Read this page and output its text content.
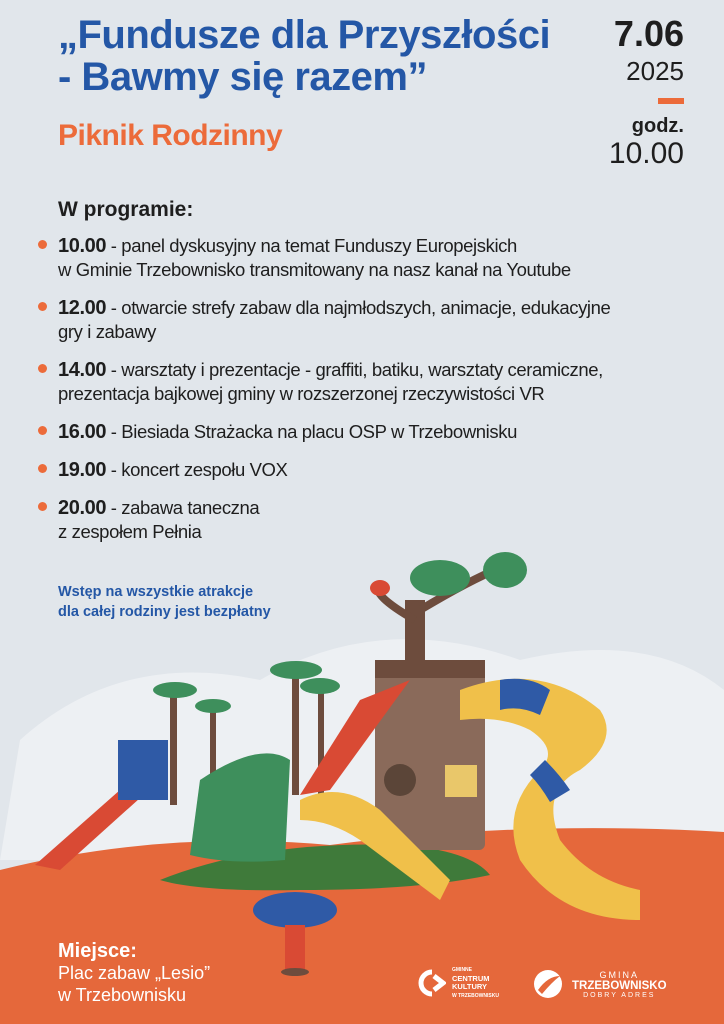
„Fundusze dla Przyszłości
- Bawmy się razem”
Piknik Rodzinny
7.06
2025
godz.
10.00
W programie:
10.00 - panel dyskusyjny na temat Funduszy Europejskich
w Gminie Trzebownisko transmitowany na nasz kanał na Youtube
12.00 - otwarcie strefy zabaw dla najmłodszych, animacje, edukacyjne
gry i zabawy
14.00 - warsztaty i prezentacje - graffiti, batiku, warsztaty ceramiczne,
prezentacja bajkowej gminy w rozszerzonej rzeczywistości VR
16.00 - Biesiada Strażacka na placu OSP w Trzebownisku
19.00 - koncert zespołu VOX
20.00 - zabawa taneczna
z zespołem Pełnia
Wstęp na wszystkie atrakcje
dla całej rodziny jest bezpłatny
Miejsce:
Plac zabaw „Lesio”
w Trzebownisku
GMINNE
CENTRUM
KULTURY
W TRZEBOWNISKU
GMINA
TRZEBOWNISKO
DOBRY ADRES
